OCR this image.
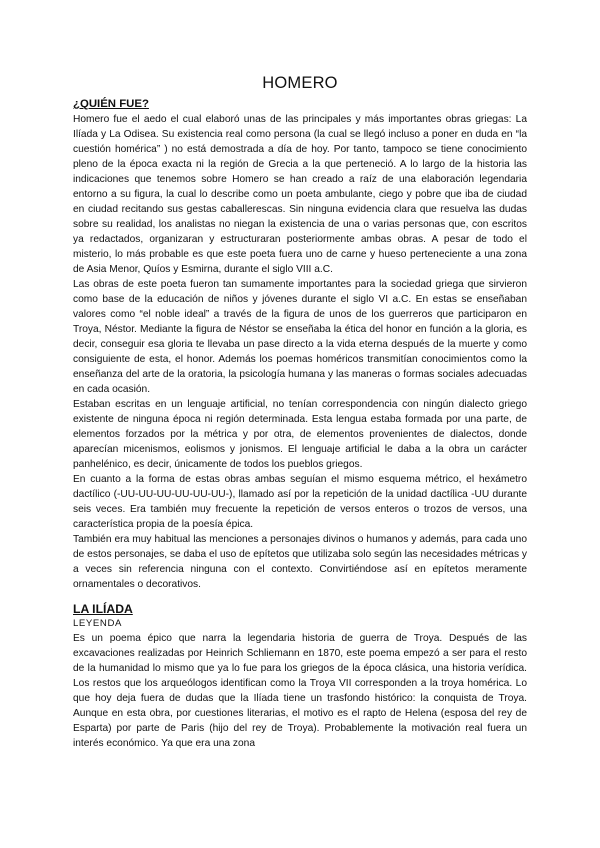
HOMERO
¿QUIÉN FUE?

Homero fue el aedo el cual elaboró unas de las principales y más importantes obras griegas: La Ilíada y La Odisea. Su existencia real como persona (la cual se llegó incluso a poner en duda en “la cuestión homérica” ) no está demostrada a día de hoy. Por tanto, tampoco se tiene conocimiento pleno de la época exacta ni la región de Grecia a la que perteneció. A lo largo de la historia las indicaciones que tenemos sobre Homero se han creado a raíz de una elaboración legendaria entorno a su figura, la cual lo describe como un poeta ambulante, ciego y pobre que iba de ciudad en ciudad recitando sus gestas caballerescas. Sin ninguna evidencia clara que resuelva las dudas sobre su realidad, los analistas no niegan la existencia de una o varias personas que, con escritos ya redactados, organizaran y estructuraran posteriormente ambas obras. A pesar de todo el misterio, lo más probable es que este poeta fuera uno de carne y hueso perteneciente a una zona de Asia Menor, Quíos y Esmirna, durante el siglo VIII a.C.

Las obras de este poeta fueron tan sumamente importantes para la sociedad griega que sirvieron como base de la educación de niños y jóvenes durante el siglo VI a.C. En estas se enseñaban valores como “el noble ideal” a través de la figura de unos de los guerreros que participaron en Troya, Néstor. Mediante la figura de Néstor se enseñaba la ética del honor en función a la gloria, es decir, conseguir esa gloria te llevaba un pase directo a la vida eterna después de la muerte y como consiguiente de esta, el honor. Además los poemas homéricos transmitían conocimientos como la enseñanza del arte de la oratoria, la psicología humana y las maneras o formas sociales adecuadas en cada ocasión.

Estaban escritas en un lenguaje artificial, no tenían correspondencia con ningún dialecto griego existente de ninguna época ni región determinada. Esta lengua estaba formada por una parte, de elementos forzados por la métrica y por otra, de elementos provenientes de dialectos, donde aparecían micenismos, eolismos y jonismos. El lenguaje artificial le daba a la obra un carácter panhelénico, es decir, únicamente de todos los pueblos griegos.

En cuanto a la forma de estas obras ambas seguían el mismo esquema métrico, el hexámetro dactílico (-UU-UU-UU-UU-UU-UU-), llamado así por la repetición de la unidad dactílica -UU durante seis veces. Era también muy frecuente la repetición de versos enteros o trozos de versos, una característica propia de la poesía épica.

También era muy habitual las menciones a personajes divinos o humanos y además, para cada uno de estos personajes, se daba el uso de epítetos que utilizaba solo según las necesidades métricas y a veces sin referencia ninguna con el contexto. Convirtiéndose así en epítetos meramente ornamentales o decorativos.

LA ILÍADA

LEYENDA

Es un poema épico que narra la legendaria historia de guerra de Troya. Después de las excavaciones realizadas por Heinrich Schliemann en 1870, este poema empezó a ser para el resto de la humanidad lo mismo que ya lo fue para los griegos de la época clásica, una historia verídica. Los restos que los arqueólogos identifican como la Troya VII corresponden a la troya homérica. Lo que hoy deja fuera de dudas que la Ilíada tiene un trasfondo histórico: la conquista de Troya. Aunque en esta obra, por cuestiones literarias, el motivo es el rapto de Helena (esposa del rey de Esparta) por parte de Paris (hijo del rey de Troya). Probablemente la motivación real fuera un interés económico. Ya que era una zona
